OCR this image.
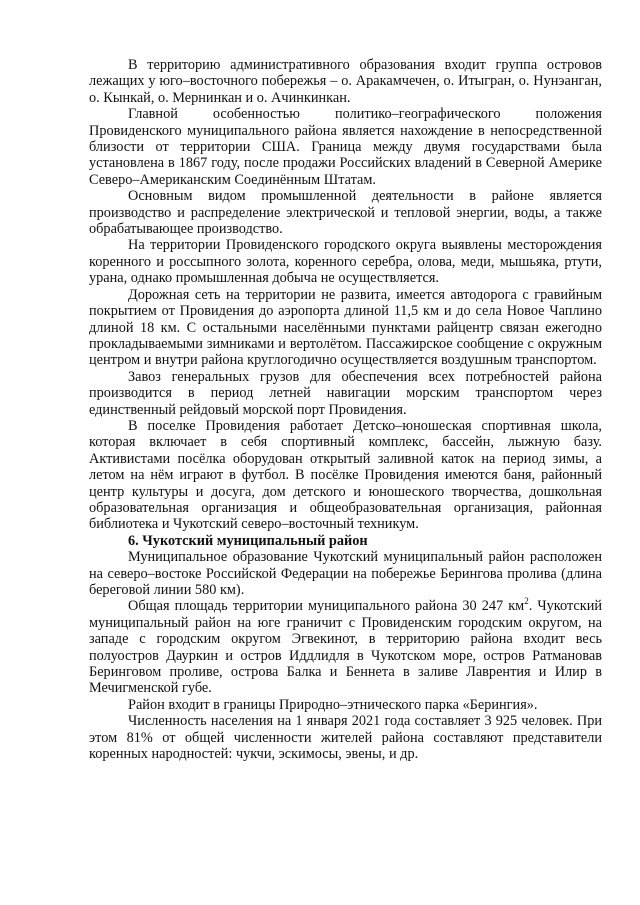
В территорию административного образования входит группа островов лежащих у юго–восточного побережья – о. Аракамчечен, о. Итыгран, о. Нунэанган, о. Кынкай, о. Мернинкан и о. Ачинкинкан.

Главной особенностью политико–географического положения Провиденского муниципального района является нахождение в непосредственной близости от территории США. Граница между двумя государствами была установлена в 1867 году, после продажи Российских владений в Северной Америке Северо–Американским Соединённым Штатам.

Основным видом промышленной деятельности в районе является производство и распределение электрической и тепловой энергии, воды, а также обрабатывающее производство.

На территории Провиденского городского округа выявлены месторождения коренного и россыпного золота, коренного серебра, олова, меди, мышьяка, ртути, урана, однако промышленная добыча не осуществляется.

Дорожная сеть на территории не развита, имеется автодорога с гравийным покрытием от Провидения до аэропорта длиной 11,5 км и до села Новое Чаплино длиной 18 км. С остальными населёнными пунктами райцентр связан ежегодно прокладываемыми зимниками и вертолётом. Пассажирское сообщение с окружным центром и внутри района круглогодично осуществляется воздушным транспортом.

Завоз генеральных грузов для обеспечения всех потребностей района производится в период летней навигации морским транспортом через единственный рейдовый морской порт Провидения.

В поселке Провидения работает Детско–юношеская спортивная школа, которая включает в себя спортивный комплекс, бассейн, лыжную базу. Активистами посёлка оборудован открытый заливной каток на период зимы, а летом на нём играют в футбол. В посёлке Провидения имеются баня, районный центр культуры и досуга, дом детского и юношеского творчества, дошкольная образовательная организация и общеобразовательная организация, районная библиотека и Чукотский северо–восточный техникум.

6. Чукотский муниципальный район

Муниципальное образование Чукотский муниципальный район расположен на северо–востоке Российской Федерации на побережье Берингова пролива (длина береговой линии 580 км).

Общая площадь территории муниципального района 30 247 $км^2$. Чукотский муниципальный район на юге граничит с Провиденским городским округом, на западе с городским округом Эгвекинот, в территорию района входит весь полуостров Дауркин и остров Иддлидля в Чукотском море, остров Ратмановав Беринговом проливе, острова Балка и Беннета в заливе Лаврентия и Илир в Мечигменской губе.

Район входит в границы Природно–этнического парка «Берингия».

Численность населения на 1 января 2021 года составляет 3 925 человек. При этом 81% от общей численности жителей района составляют представители коренных народностей: чукчи, эскимосы, эвены, и др.
